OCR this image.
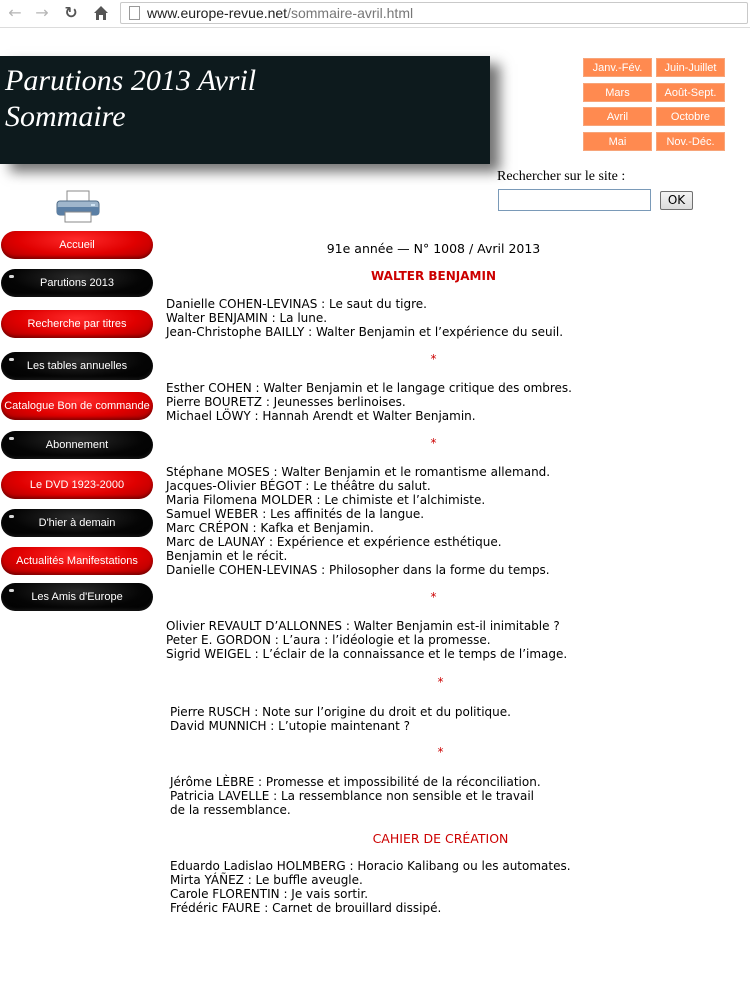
← → ↻	www.europe-revue.net/sommaire-avril.html
Parutions 2013 Avril
Sommaire
Janv.-Fév.	Juin-Juillet
Mars	Août-Sept.
Avril	Octobre
Mai	Nov.-Déc.
Rechercher sur le site :
OK
Accueil
Parutions 2013
Recherche par titres
Les tables annuelles
Catalogue Bon de commande
Abonnement
Le DVD 1923-2000
D'hier à demain
Actualités Manifestations
Les Amis d'Europe
91e année — N° 1008 / Avril 2013
WALTER BENJAMIN
Danielle COHEN-LEVINAS : Le saut du tigre.
Walter BENJAMIN : La lune.
Jean-Christophe BAILLY : Walter Benjamin et l’expérience du seuil.
*
Esther COHEN : Walter Benjamin et le langage critique des ombres.
Pierre BOURETZ : Jeunesses berlinoises.
Michael LÖWY : Hannah Arendt et Walter Benjamin.
*
Stéphane MOSES : Walter Benjamin et le romantisme allemand.
Jacques-Olivier BÉGOT : Le théâtre du salut.
Maria Filomena MOLDER : Le chimiste et l’alchimiste.
Samuel WEBER : Les affinités de la langue.
Marc CRÉPON : Kafka et Benjamin.
Marc de LAUNAY : Expérience et expérience esthétique.
Benjamin et le récit.
Danielle COHEN-LEVINAS : Philosopher dans la forme du temps.
*
Olivier REVAULT D’ALLONNES : Walter Benjamin est-il inimitable ?
Peter E. GORDON : L’aura : l’idéologie et la promesse.
Sigrid WEIGEL : L’éclair de la connaissance et le temps de l’image.
*
Pierre RUSCH : Note sur l’origine du droit et du politique.
David MUNNICH : L’utopie maintenant ?
*
Jérôme LÈBRE : Promesse et impossibilité de la réconciliation.
Patricia LAVELLE : La ressemblance non sensible et le travail
de la ressemblance.
CAHIER DE CRÉATION
Eduardo Ladislao HOLMBERG : Horacio Kalibang ou les automates.
Mirta YÁÑEZ : Le buffle aveugle.
Carole FLORENTIN : Je vais sortir.
Frédéric FAURE : Carnet de brouillard dissipé.
